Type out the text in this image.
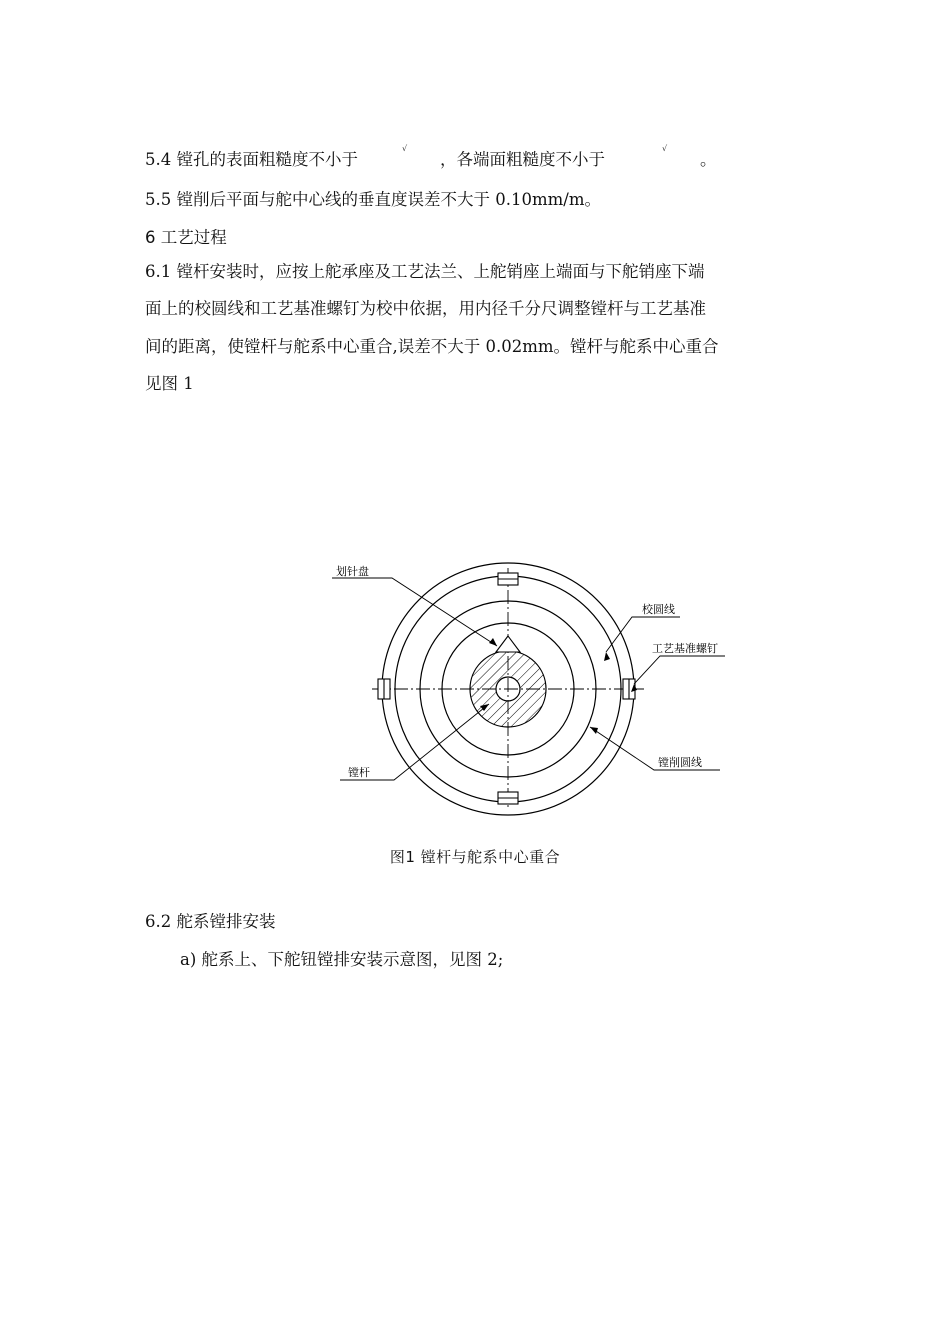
5.4 镗孔的表面粗糙度不小于
√
，各端面粗糙度不小于
√
。
5.5 镗削后平面与舵中心线的垂直度误差不大于 0.10mm/m。
6 工艺过程
6.1 镗杆安装时，应按上舵承座及工艺法兰、上舵销座上端面与下舵销座下端
面上的校圆线和工艺基准螺钉为校中依据，用内径千分尺调整镗杆与工艺基准
间的距离，使镗杆与舵系中心重合,误差不大于 0.02mm。镗杆与舵系中心重合
见图 1
划针盘
校圆线
工艺基准螺钉
镗杆
镗削圆线
图1 镗杆与舵系中心重合
6.2 舵系镗排安装
a) 舵系上、下舵钮镗排安装示意图，见图 2;
